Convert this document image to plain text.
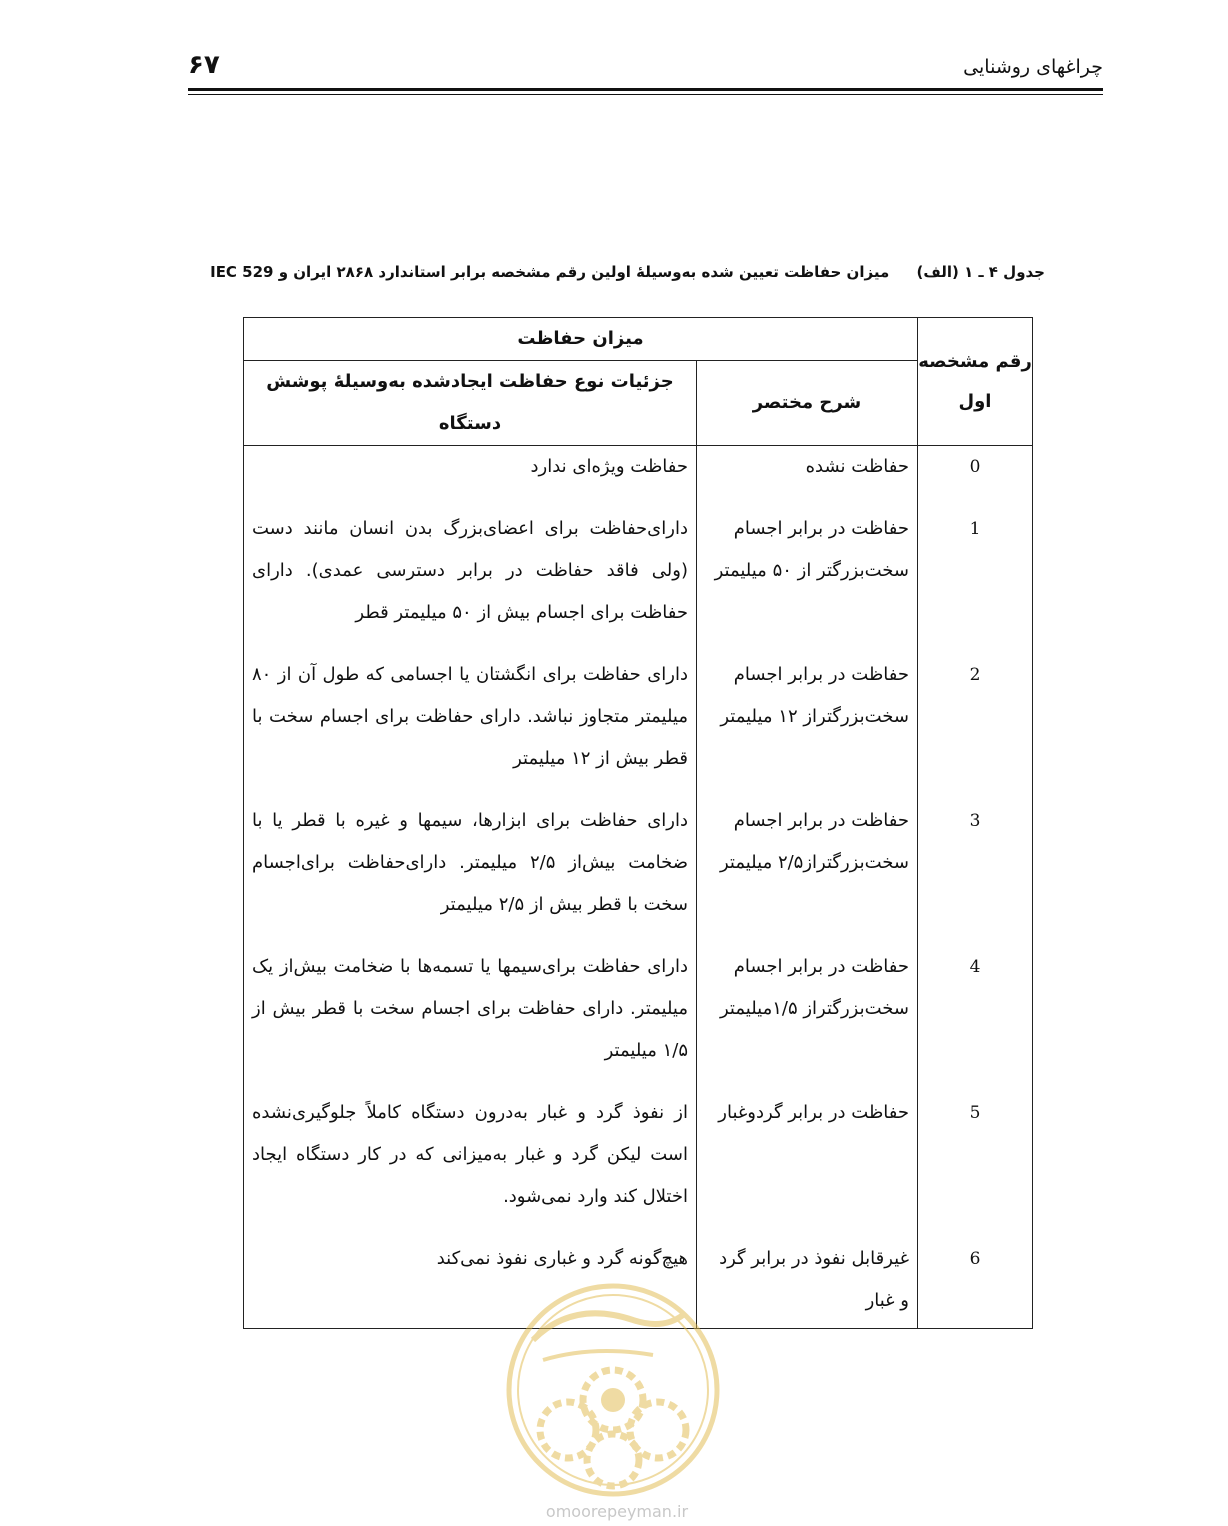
۶۷	چراغهای روشنایی
جدول ۴ ـ ۱ (الف) میزان حفاظت تعیین شده به‌وسیلهٔ اولین رقم مشخصه برابر استاندارد ۲۸۶۸ ایران و IEC 529
رقم مشخصه اول	میزان حفاظت	
	شرح مختصر	جزئیات نوع حفاظت ایجادشده به‌وسیلهٔ پوشش دستگاه
0	حفاظت نشده	حفاظت ویژه‌ای ندارد
1	حفاظت در برابر اجسام سخت‌بزرگتر از ۵۰ میلیمتر	دارای‌حفاظت برای اعضای‌بزرگ بدن انسان مانند دست (ولی فاقد حفاظت در برابر دسترسی عمدی). دارای حفاظت برای اجسام بیش از ۵۰ میلیمتر قطر
2	حفاظت در برابر اجسام سخت‌بزرگتراز ۱۲ میلیمتر	دارای حفاظت برای انگشتان یا اجسامی که طول آن از ۸۰ میلیمتر متجاوز نباشد. دارای حفاظت برای اجسام سخت با قطر بیش از ۱۲ میلیمتر
3	حفاظت در برابر اجسام سخت‌بزرگتراز۲/۵ میلیمتر	دارای حفاظت برای ابزارها، سیمها و غیره با قطر یا با ضخامت بیش‌از ۲/۵ میلیمتر. دارای‌حفاظت برای‌اجسام سخت با قطر بیش از ۲/۵ میلیمتر
4	حفاظت در برابر اجسام سخت‌بزرگتراز ۱/۵میلیمتر	دارای حفاظت برای‌سیمها یا تسمه‌ها با ضخامت بیش‌از یک میلیمتر. دارای حفاظت برای اجسام سخت با قطر بیش از ۱/۵ میلیمتر
5	حفاظت در برابر گردوغبار	از نفوذ گرد و غبار به‌درون دستگاه کاملاً جلوگیری‌نشده است لیکن گرد و غبار به‌میزانی که در کار دستگاه ایجاد اختلال کند وارد نمی‌شود.
6	غیرقابل نفوذ در برابر گرد و غبار	هیچ‌گونه گرد و غباری نفوذ نمی‌کند
omoorepeyman.ir
